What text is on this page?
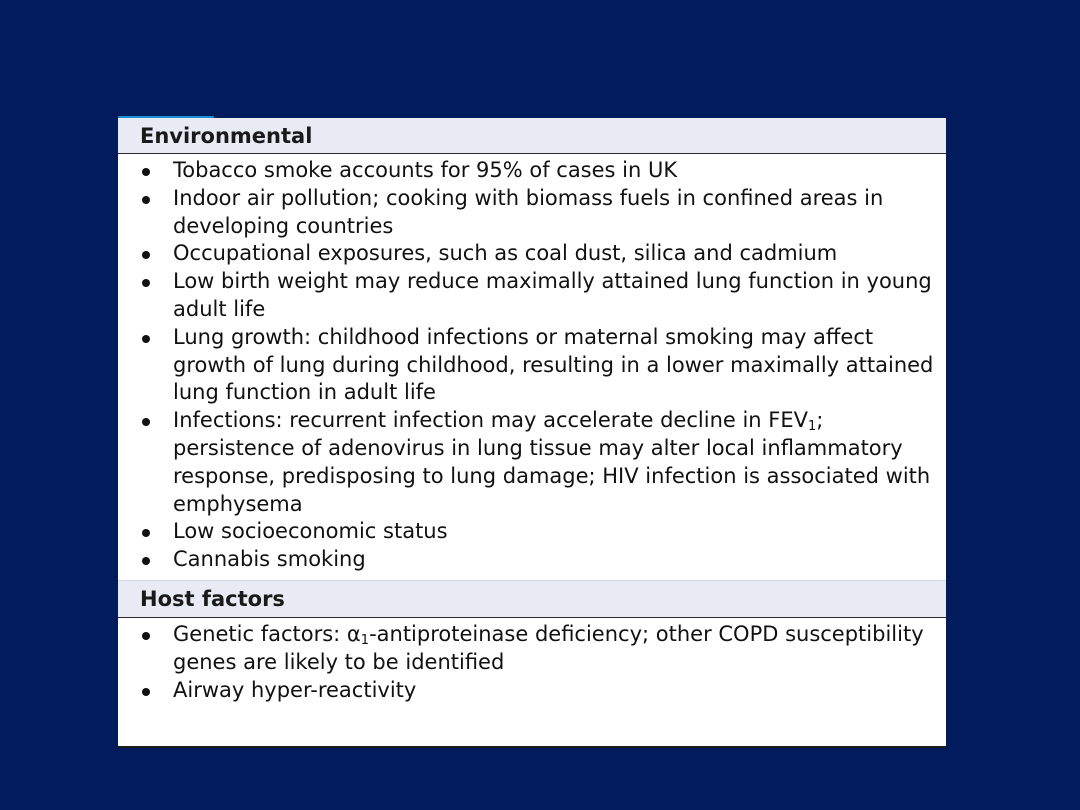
Environmental
Tobacco smoke accounts for 95% of cases in UK
Indoor air pollution; cooking with biomass fuels in confined areas in developing countries
Occupational exposures, such as coal dust, silica and cadmium
Low birth weight may reduce maximally attained lung function in young adult life
Lung growth: childhood infections or maternal smoking may affect growth of lung during childhood, resulting in a lower maximally attained lung function in adult life
Infections: recurrent infection may accelerate decline in $FEV_1$; persistence of adenovirus in lung tissue may alter local inflammatory response, predisposing to lung damage; HIV infection is associated with emphysema
Low socioeconomic status
Cannabis smoking
Host factors
Genetic factors: $\alpha_1$-antiproteinase deficiency; other COPD susceptibility genes are likely to be identified
Airway hyper-reactivity
